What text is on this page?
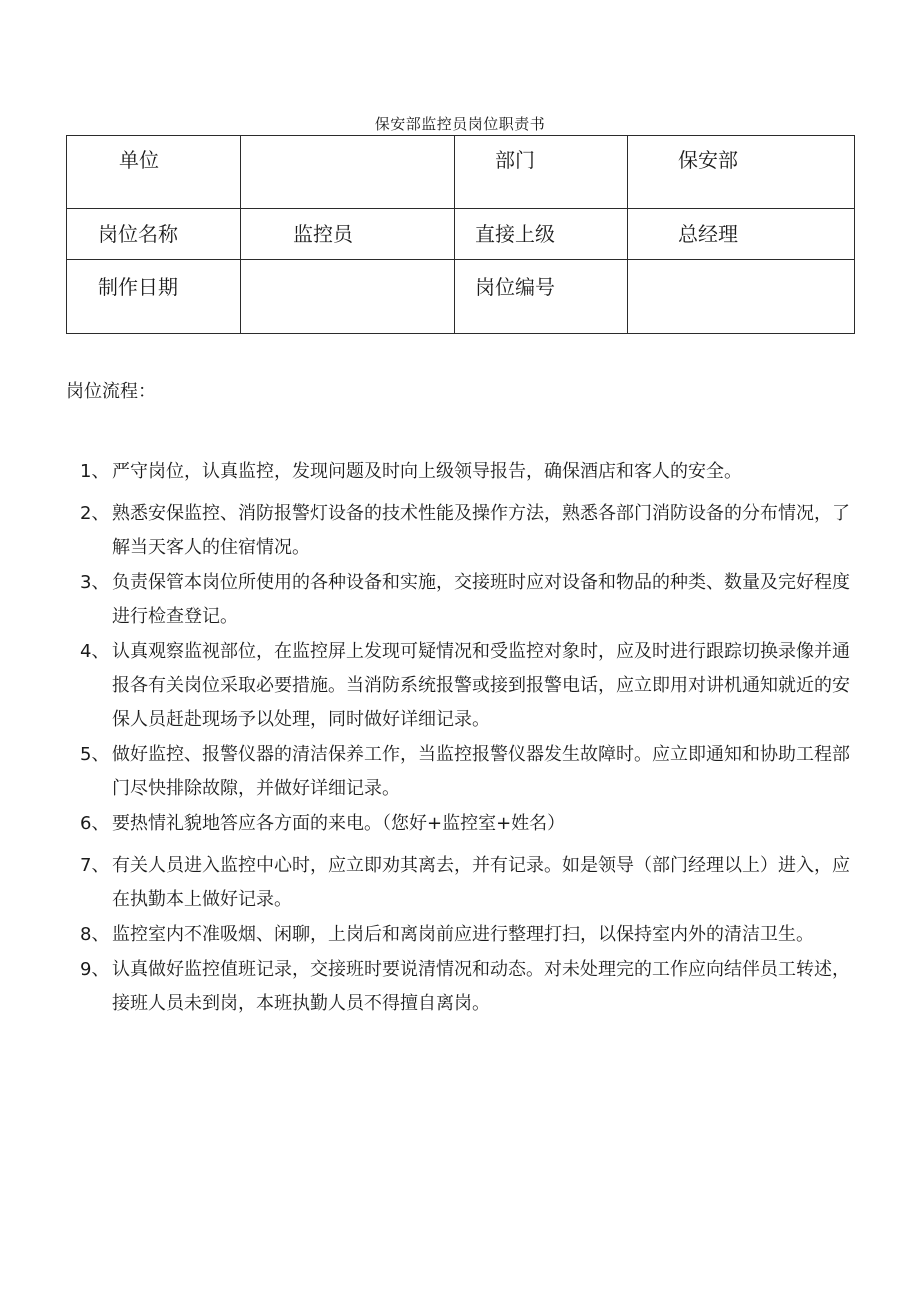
保安部监控员岗位职责书
单位		部门	保安部

岗位名称	监控员	直接上级	总经理

制作日期		岗位编号	

岗位流程：
1、 严守岗位，认真监控，发现问题及时向上级领导报告，确保酒店和客人的安全。
2、 熟悉安保监控、消防报警灯设备的技术性能及操作方法，熟悉各部门消防设备的分布情况，了解当天客人的住宿情况。
3、 负责保管本岗位所使用的各种设备和实施，交接班时应对设备和物品的种类、数量及完好程度进行检查登记。
4、 认真观察监视部位，在监控屏上发现可疑情况和受监控对象时，应及时进行跟踪切换录像并通报各有关岗位采取必要措施。当消防系统报警或接到报警电话，应立即用对讲机通知就近的安保人员赶赴现场予以处理，同时做好详细记录。
5、 做好监控、报警仪器的清洁保养工作，当监控报警仪器发生故障时。应立即通知和协助工程部门尽快排除故隙，并做好详细记录。
6、 要热情礼貌地答应各方面的来电。（您好+监控室+姓名）
7、 有关人员进入监控中心时，应立即劝其离去，并有记录。如是领导（部门经理以上）进入，应在执勤本上做好记录。
8、 监控室内不准吸烟、闲聊，上岗后和离岗前应进行整理打扫，以保持室内外的清洁卫生。
9、 认真做好监控值班记录，交接班时要说清情况和动态。对未处理完的工作应向结伴员工转述，接班人员未到岗，本班执勤人员不得擅自离岗。
